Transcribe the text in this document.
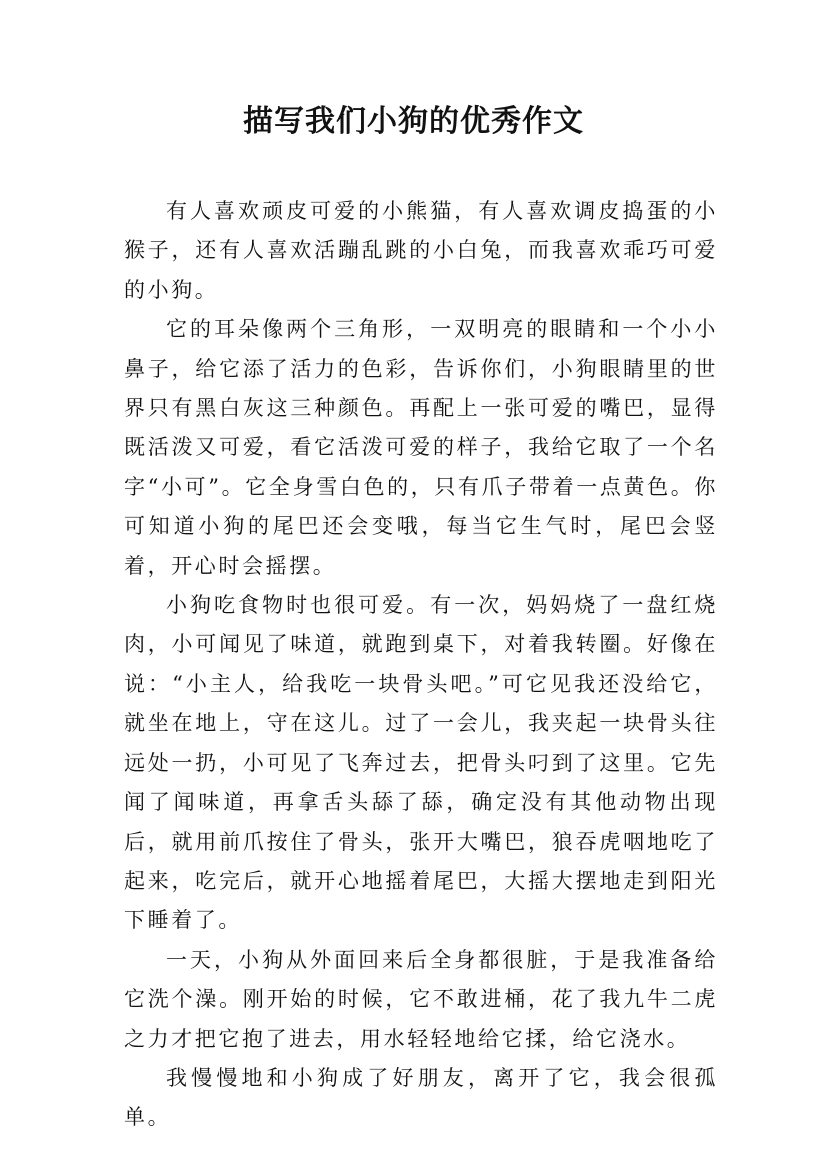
描写我们小狗的优秀作文

有人喜欢顽皮可爱的小熊猫，有人喜欢调皮捣蛋的小猴子，还有人喜欢活蹦乱跳的小白兔，而我喜欢乖巧可爱的小狗。

它的耳朵像两个三角形，一双明亮的眼睛和一个小小鼻子，给它添了活力的色彩，告诉你们，小狗眼睛里的世界只有黑白灰这三种颜色。再配上一张可爱的嘴巴，显得既活泼又可爱，看它活泼可爱的样子，我给它取了一个名字“小可”。它全身雪白色的，只有爪子带着一点黄色。你可知道小狗的尾巴还会变哦，每当它生气时，尾巴会竖着，开心时会摇摆。

小狗吃食物时也很可爱。有一次，妈妈烧了一盘红烧肉，小可闻见了味道，就跑到桌下，对着我转圈。好像在说：“小主人，给我吃一块骨头吧。”可它见我还没给它，就坐在地上，守在这儿。过了一会儿，我夹起一块骨头往远处一扔，小可见了飞奔过去，把骨头叼到了这里。它先闻了闻味道，再拿舌头舔了舔，确定没有其他动物出现后，就用前爪按住了骨头，张开大嘴巴，狼吞虎咽地吃了起来，吃完后，就开心地摇着尾巴，大摇大摆地走到阳光下睡着了。

一天，小狗从外面回来后全身都很脏，于是我准备给它洗个澡。刚开始的时候，它不敢进桶，花了我九牛二虎之力才把它抱了进去，用水轻轻地给它揉，给它浇水。

我慢慢地和小狗成了好朋友，离开了它，我会很孤单。
